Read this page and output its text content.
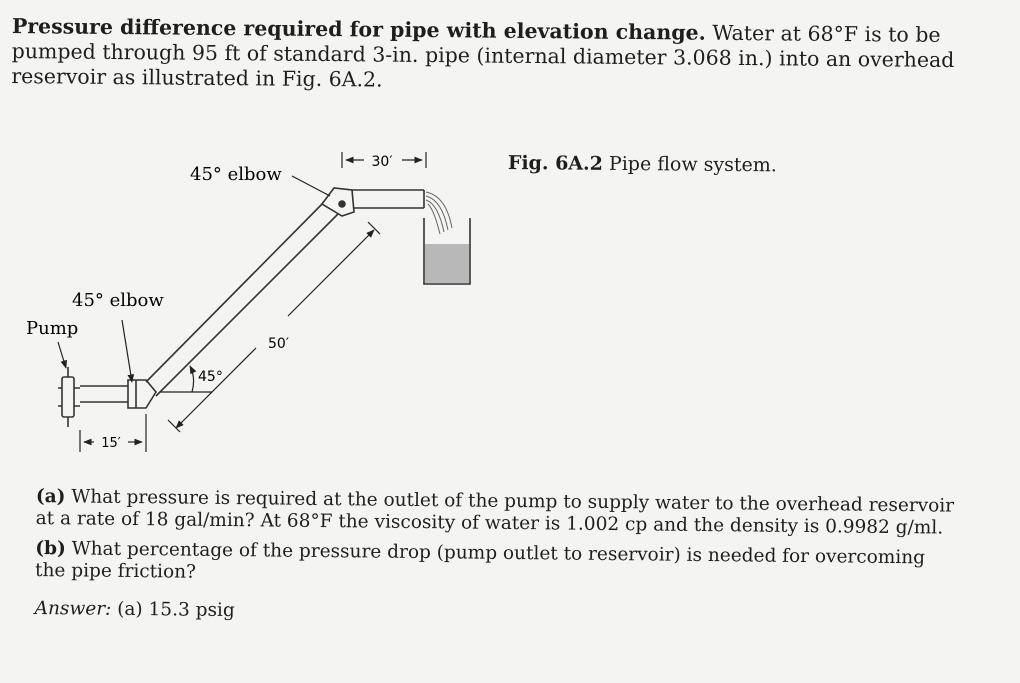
Pressure difference required for pipe with elevation change. Water at 68°F is to be pumped through 95 ft of standard 3-in. pipe (internal diameter 3.068 in.) into an overhead reservoir as illustrated in Fig. 6A.2.
30′
45° elbow
50′
45°
45° elbow
Pump
15′
Fig. 6A.2 Pipe flow system.
(a) What pressure is required at the outlet of the pump to supply water to the overhead reservoir at a rate of 18 gal/min? At 68°F the viscosity of water is 1.002 cp and the density is 0.9982 g/ml.
(b) What percentage of the pressure drop (pump outlet to reservoir) is needed for overcoming the pipe friction?
Answer: (a) 15.3 psig
